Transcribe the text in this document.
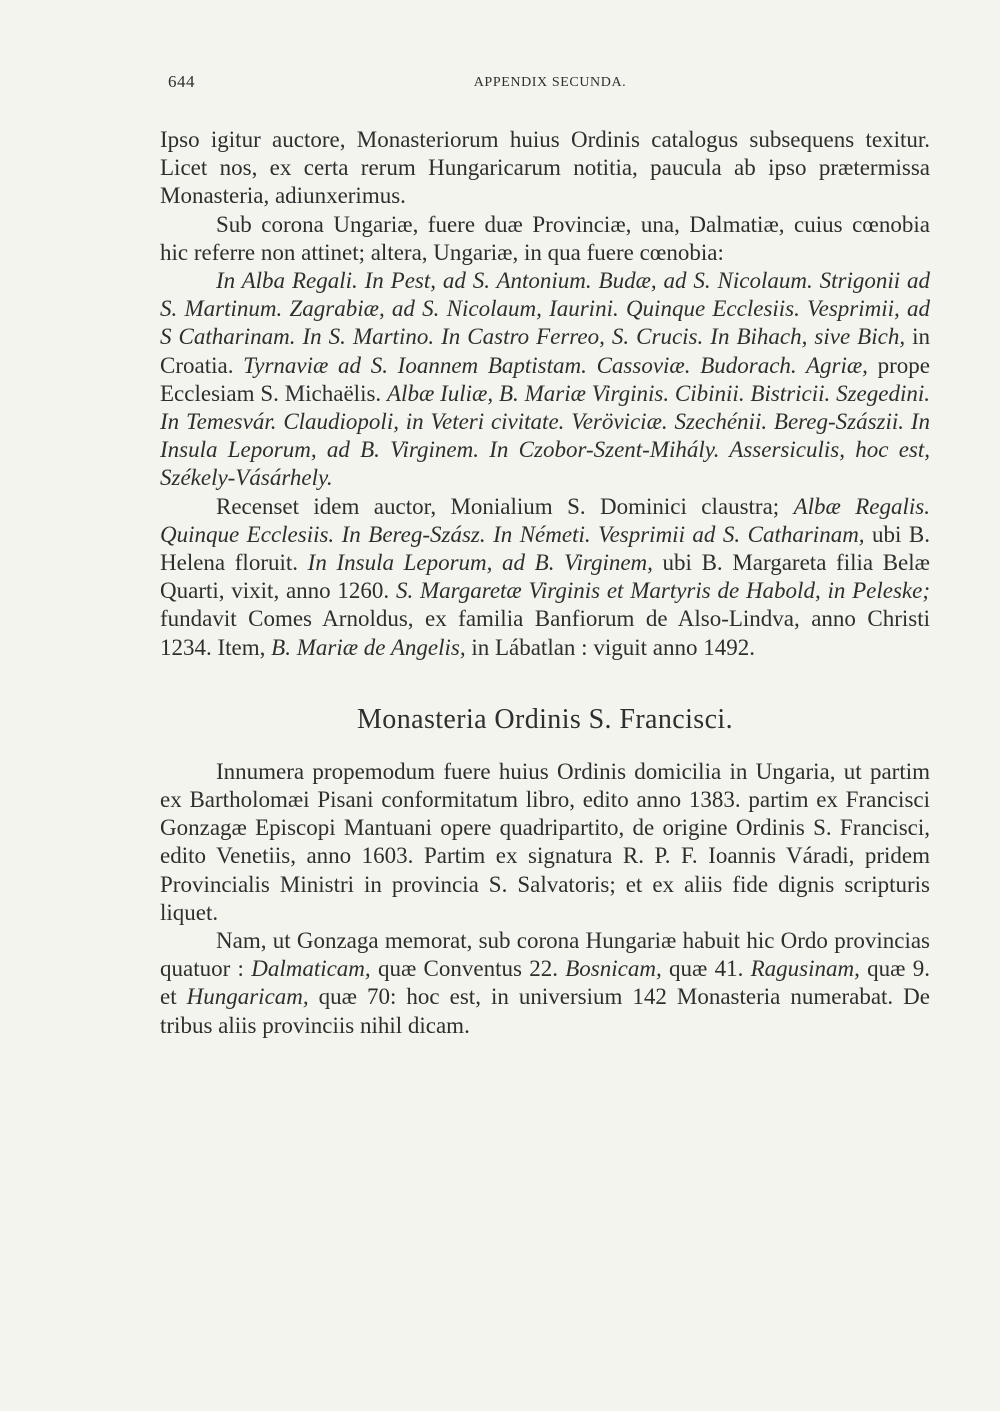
644	APPENDIX SECUNDA.

Ipso igitur auctore, Monasteriorum huius Ordinis catalogus subsequens texitur. Licet nos, ex certa rerum Hungaricarum notitia, paucula ab ipso prætermissa Monasteria, adiunxerimus.

Sub corona Ungariæ, fuere duæ Provinciæ, una, Dalmatiæ, cuius cœnobia hic referre non attinet; altera, Ungariæ, in qua fuere cœnobia:

In Alba Regali. In Pest, ad S. Antonium. Budæ, ad S. Nicolaum. Strigonii ad S. Martinum. Zagrabiæ, ad S. Nicolaum, Iaurini. Quinque Ecclesiis. Vesprimii, ad S Catharinam. In S. Martino. In Castro Ferreo, S. Crucis. In Bihach, sive Bich, in Croatia. Tyrnaviæ ad S. Ioannem Baptistam. Cassoviæ. Budorach. Agriæ, prope Ecclesiam S. Michaëlis. Albæ Iuliæ, B. Mariæ Virginis. Cibinii. Bistricii. Szegedini. In Temesvár. Claudiopoli, in Veteri civitate. Veröviciæ. Szechénii. Bereg-Szászii. In Insula Leporum, ad B. Virginem. In Czobor-Szent-Mihály. Assersiculis, hoc est, Székely-Vásárhely.

Recenset idem auctor, Monialium S. Dominici claustra; Albæ Regalis. Quinque Ecclesiis. In Bereg-Szász. In Németi. Vesprimii ad S. Catharinam, ubi B. Helena floruit. In Insula Leporum, ad B. Virginem, ubi B. Margareta filia Belæ Quarti, vixit, anno 1260. S. Margaretæ Virginis et Martyris de Habold, in Peleske; fundavit Comes Arnoldus, ex familia Banfiorum de Also-Lindva, anno Christi 1234. Item, B. Mariæ de Angelis, in Lábatlan : viguit anno 1492.

Monasteria Ordinis S. Francisci.

Innumera propemodum fuere huius Ordinis domicilia in Ungaria, ut partim ex Bartholomæi Pisani conformitatum libro, edito anno 1383. partim ex Francisci Gonzagæ Episcopi Mantuani opere quadripartito, de origine Ordinis S. Francisci, edito Venetiis, anno 1603. Partim ex signatura R. P. F. Ioannis Váradi, pridem Provincialis Ministri in provincia S. Salvatoris; et ex aliis fide dignis scripturis liquet.

Nam, ut Gonzaga memorat, sub corona Hungariæ habuit hic Ordo provincias quatuor : Dalmaticam, quæ Conventus 22. Bosnicam, quæ 41. Ragusinam, quæ 9. et Hungaricam, quæ 70: hoc est, in universium 142 Monasteria numerabat. De tribus aliis provinciis nihil dicam.
